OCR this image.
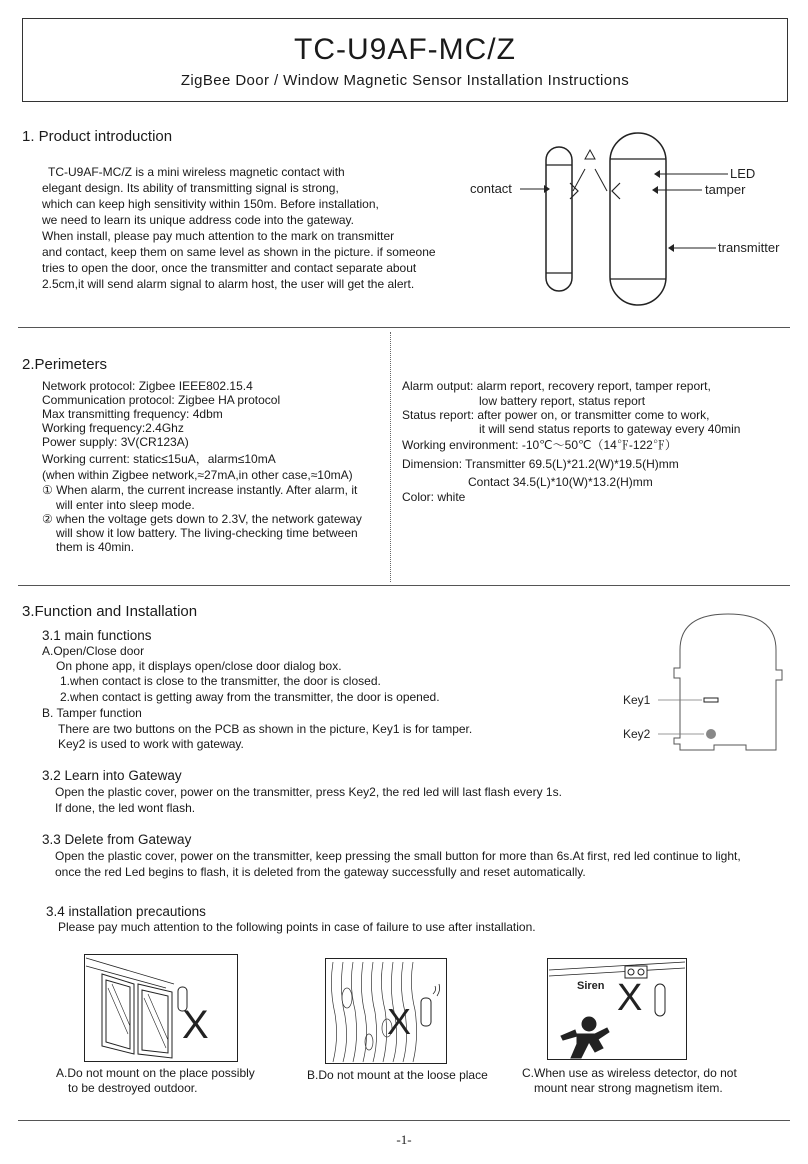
TC-U9AF-MC/Z
ZigBee Door / Window Magnetic Sensor Installation Instructions
1. Product introduction
TC-U9AF-MC/Z is a mini wireless magnetic contact with
elegant design. Its ability of transmitting signal is strong,
which can keep high sensitivity within 150m. Before installation,
we need to learn its unique address code into the gateway.
When install, please pay much attention to the mark on transmitter
and contact, keep them on same level as shown in the picture. if someone
tries to open the door, once the transmitter and contact separate about
2.5cm,it will send alarm signal to alarm host, the user will get the alert.
contact
LED
tamper
transmitter
2.Perimeters
Network protocol: Zigbee IEEE802.15.4
Communication protocol: Zigbee HA protocol
Max transmitting frequency: 4dbm
Working frequency:2.4Ghz
Power supply: 3V(CR123A)
Working current: static≤15uA，alarm≤10mA
(when within Zigbee network,≈27mA,in other case,≈10mA)
① When alarm, the current increase instantly. After alarm, it
will enter into sleep mode.
② when the voltage gets down to 2.3V, the network gateway
will show it low battery. The living-checking time between
them is 40min.
Alarm output: alarm report, recovery report, tamper report,
low battery report, status report
Status report: after power on, or transmitter come to work,
it will send status reports to gateway every 40min
Working environment: -10℃～50℃（14℉-122℉）
Dimension: Transmitter 69.5(L)*21.2(W)*19.5(H)mm
Contact 34.5(L)*10(W)*13.2(H)mm
Color: white
3.Function and Installation
3.1 main functions
A.Open/Close door
On phone app, it displays open/close door dialog box.
1.when contact is close to the transmitter, the door is closed.
2.when contact is getting away from the transmitter, the door is opened.
B. Tamper function
There are two buttons on the PCB as shown in the picture, Key1 is for tamper.
Key2 is used to work with gateway.
Key1
Key2
3.2 Learn into Gateway
Open the plastic cover, power on the transmitter, press Key2, the red led will last flash every 1s.
If done, the led wont flash.
3.3 Delete from Gateway
Open the plastic cover, power on the transmitter, keep pressing the small button for more than 6s.At first, red led continue to light,
once the red Led begins to flash, it is deleted from the gateway successfully and reset automatically.
3.4 installation precautions
Please pay much attention to the following points in case of failure to use after installation.
X	X
Siren X
A.Do not mount on the place possibly
to be destroyed outdoor.
B.Do not mount at the loose place	C.When use as wireless detector, do not
mount near strong magnetism item.
-1-
